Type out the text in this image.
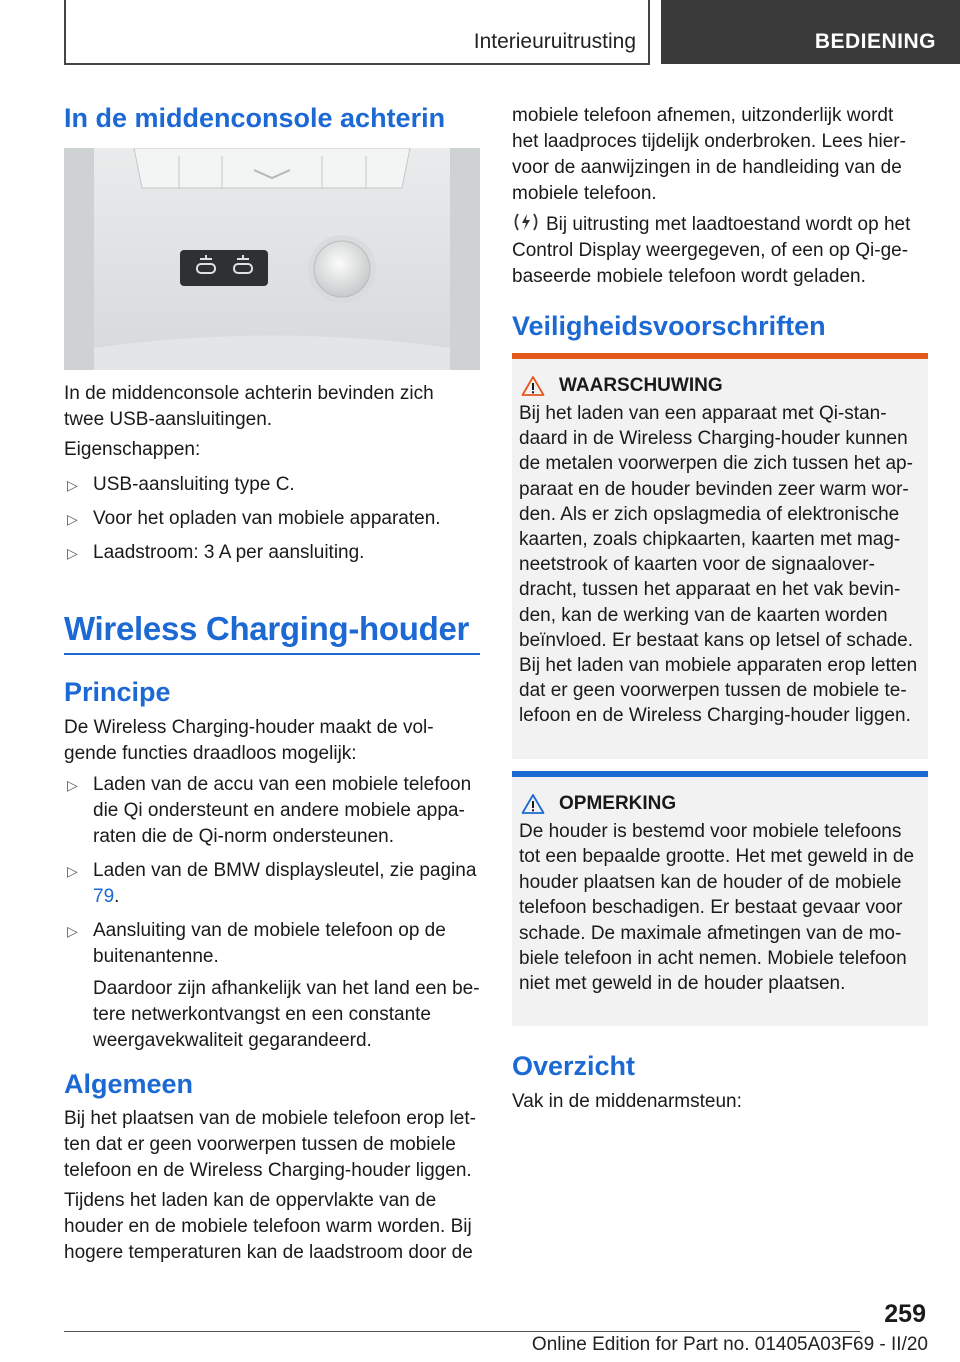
Interieuruitrusting	BEDIENING
In de middenconsole achterin

In de middenconsole achterin bevinden zich twee USB-aansluitingen.

Eigenschappen:

▷ USB-aansluiting type C.
▷ Voor het opladen van mobiele apparaten.
▷ Laadstroom: 3 A per aansluiting.
Wireless Charging-houder
Principe

De Wireless Charging-houder maakt de volgende functies draadloos mogelijk:

▷ Laden van de accu van een mobiele telefoon die Qi ondersteunt en andere mobiele apparaten die de Qi-norm ondersteunen.
▷ Laden van de BMW displaysleutel, zie pagina 79.
▷ Aansluiting van de mobiele telefoon op de buitenantenne.
Daardoor zijn afhankelijk van het land een betere netwerkontvangst en een constante weergavekwaliteit gegarandeerd.
Algemeen

Bij het plaatsen van de mobiele telefoon erop letten dat er geen voorwerpen tussen de mobiele telefoon en de Wireless Charging-houder liggen.

Tijdens het laden kan de oppervlakte van de houder en de mobiele telefoon warm worden. Bij hogere temperaturen kan de laadstroom door de

mobiele telefoon afnemen, uitzonderlijk wordt het laadproces tijdelijk onderbroken. Lees hiervoor de aanwijzingen in de handleiding van de mobiele telefoon.

Bij uitrusting met laadtoestand wordt op het Control Display weergegeven, of een op Qi-gebaseerde mobiele telefoon wordt geladen.

Veiligheidsvoorschriften
WAARSCHUWING

Bij het laden van een apparaat met Qi-standaard in de Wireless Charging-houder kunnen de metalen voorwerpen die zich tussen het apparaat en de houder bevinden zeer warm worden. Als er zich opslagmedia of elektronische kaarten, zoals chipkaarten, kaarten met magneetstrook of kaarten voor de signaaloverdracht, tussen het apparaat en het vak bevinden, kan de werking van de kaarten worden beïnvloed. Er bestaat kans op letsel of schade. Bij het laden van mobiele apparaten erop letten dat er geen voorwerpen tussen de mobiele telefoon en de Wireless Charging-houder liggen.

OPMERKING

De houder is bestemd voor mobiele telefoons tot een bepaalde grootte. Het met geweld in de houder plaatsen kan de houder of de mobiele telefoon beschadigen. Er bestaat gevaar voor schade. De maximale afmetingen van de mobiele telefoon in acht nemen. Mobiele telefoon niet met geweld in de houder plaatsen.

Overzicht

Vak in de middenarmsteun:

259
Online Edition for Part no. 01405A03F69 - II/20
